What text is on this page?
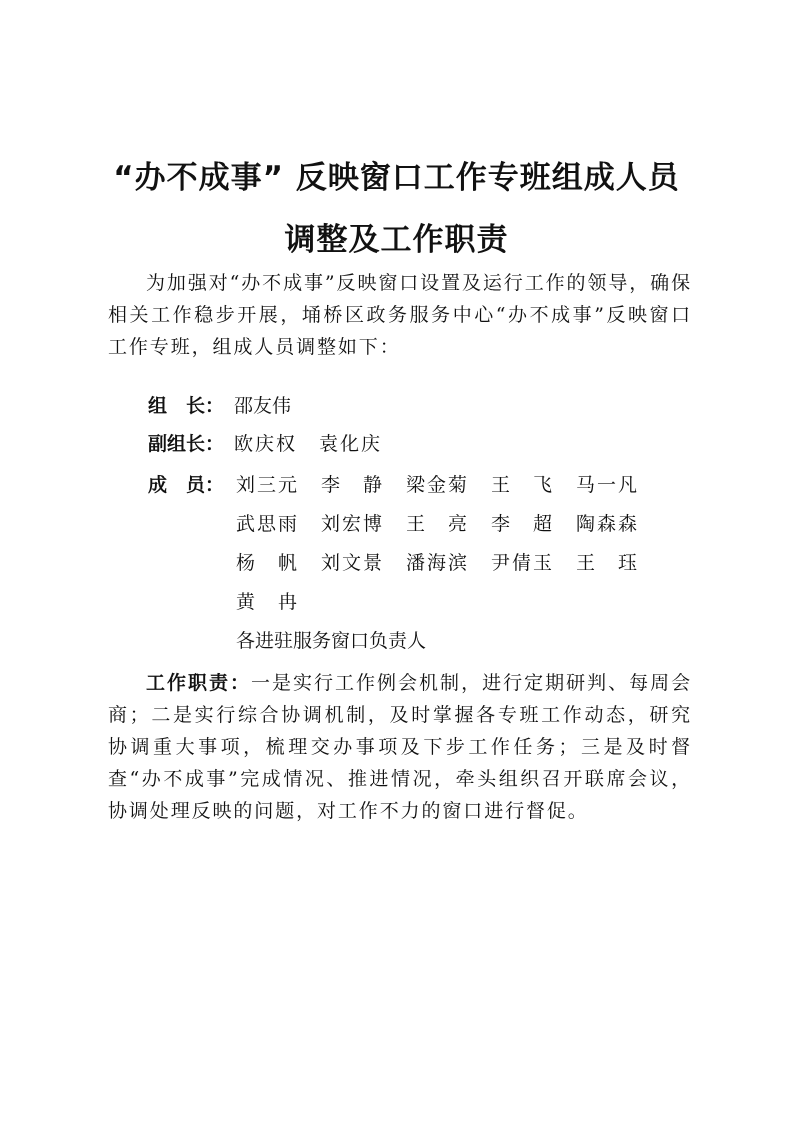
“办不成事” 反映窗口工作专班组成人员
调整及工作职责

为加强对“办不成事”反映窗口设置及运行工作的领导，确保相关工作稳步开展，埇桥区政务服务中心“办不成事”反映窗口工作专班，组成人员调整如下：

组　长： 邵友伟
副组长： 欧庆权 袁化庆
成　员： 刘三元 李　静 梁金菊 王　飞 马一凡
武思雨 刘宏博 王　亮 李　超 陶森森
杨　帆 刘文景 潘海滨 尹倩玉 王　珏
黄　冉
各进驻服务窗口负责人

工作职责：一是实行工作例会机制，进行定期研判、每周会商；二是实行综合协调机制，及时掌握各专班工作动态，研究协调重大事项，梳理交办事项及下步工作任务；三是及时督查“办不成事”完成情况、推进情况，牵头组织召开联席会议，协调处理反映的问题，对工作不力的窗口进行督促。
